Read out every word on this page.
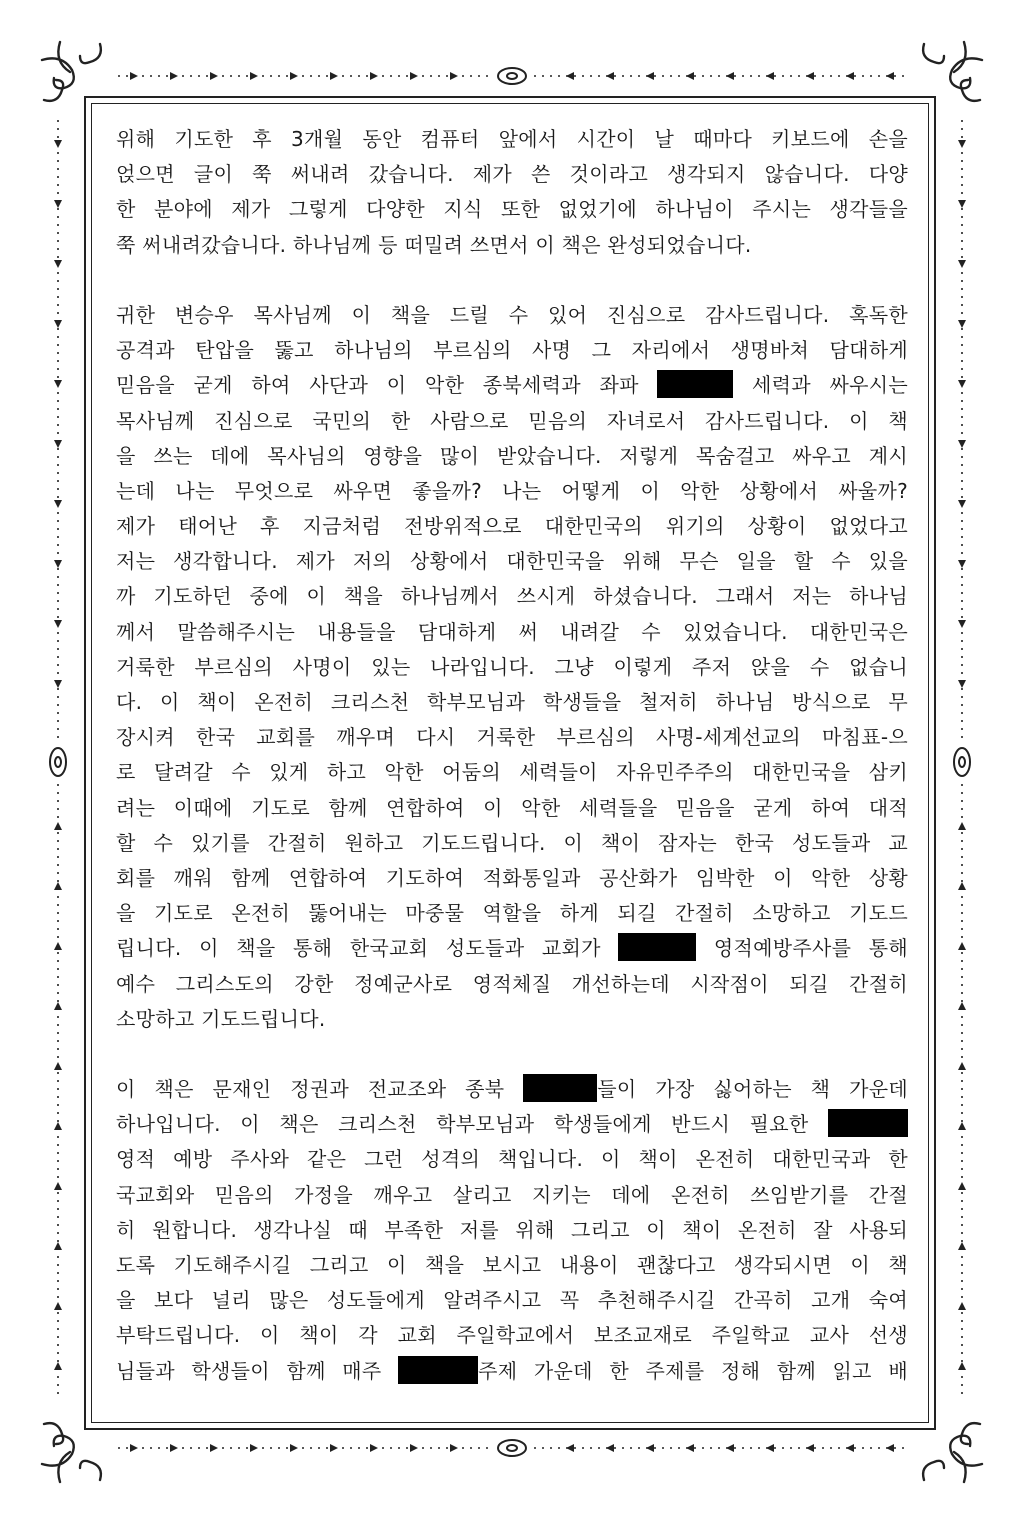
위해 기도한 후 3개월 동안 컴퓨터 앞에서 시간이 날 때마다 키보드에 손을
얹으면 글이 쭉 써내려 갔습니다. 제가 쓴 것이라고 생각되지 않습니다. 다양
한 분야에 제가 그렇게 다양한 지식 또한 없었기에 하나님이 주시는 생각들을
쭉 써내려갔습니다. 하나님께 등 떠밀려 쓰면서 이 책은 완성되었습니다.
귀한 변승우 목사님께 이 책을 드릴 수 있어 진심으로 감사드립니다. 혹독한
공격과 탄압을 뚫고 하나님의 부르심의 사명 그 자리에서 생명바쳐 담대하게
믿음을 굳게 하여 사단과 이 악한 종북세력과 좌파	세력과 싸우시는
목사님께 진심으로 국민의 한 사람으로 믿음의 자녀로서 감사드립니다. 이 책
을 쓰는 데에 목사님의 영향을 많이 받았습니다. 저렇게 목숨걸고 싸우고 계시
는데 나는 무엇으로 싸우면 좋을까? 나는 어떻게 이 악한 상황에서 싸울까?
제가 태어난 후 지금처럼 전방위적으로 대한민국의 위기의 상황이 없었다고
저는 생각합니다. 제가 저의 상황에서 대한민국을 위해 무슨 일을 할 수 있을
까 기도하던 중에 이 책을 하나님께서 쓰시게 하셨습니다. 그래서 저는 하나님
께서 말씀해주시는 내용들을 담대하게 써 내려갈 수 있었습니다. 대한민국은
거룩한 부르심의 사명이 있는 나라입니다. 그냥 이렇게 주저 앉을 수 없습니
다. 이 책이 온전히 크리스천 학부모님과 학생들을 철저히 하나님 방식으로 무
장시켜 한국 교회를 깨우며 다시 거룩한 부르심의 사명-세계선교의 마침표-으
로 달려갈 수 있게 하고 악한 어둠의 세력들이 자유민주주의 대한민국을 삼키
려는 이때에 기도로 함께 연합하여 이 악한 세력들을 믿음을 굳게 하여 대적
할 수 있기를 간절히 원하고 기도드립니다. 이 책이 잠자는 한국 성도들과 교
회를 깨워 함께 연합하여 기도하여 적화통일과 공산화가 임박한 이 악한 상황
을 기도로 온전히 뚫어내는 마중물 역할을 하게 되길 간절히 소망하고 기도드
립니다. 이 책을 통해 한국교회 성도들과 교회가	영적예방주사를 통해
예수 그리스도의 강한 정예군사로 영적체질 개선하는데 시작점이 되길 간절히
소망하고 기도드립니다.
이 책은 문재인 정권과 전교조와 종북	들이 가장 싫어하는 책 가운데
하나입니다. 이 책은 크리스천 학부모님과 학생들에게 반드시 필요한
영적 예방 주사와 같은 그런 성격의 책입니다. 이 책이 온전히 대한민국과 한
국교회와 믿음의 가정을 깨우고 살리고 지키는 데에 온전히 쓰임받기를 간절
히 원합니다. 생각나실 때 부족한 저를 위해 그리고 이 책이 온전히 잘 사용되
도록 기도해주시길 그리고 이 책을 보시고 내용이 괜찮다고 생각되시면 이 책
을 보다 널리 많은 성도들에게 알려주시고 꼭 추천해주시길 간곡히 고개 숙여
부탁드립니다. 이 책이 각 교회 주일학교에서 보조교재로 주일학교 교사 선생
님들과 학생들이 함께 매주	주제 가운데 한 주제를 정해 함께 읽고 배
